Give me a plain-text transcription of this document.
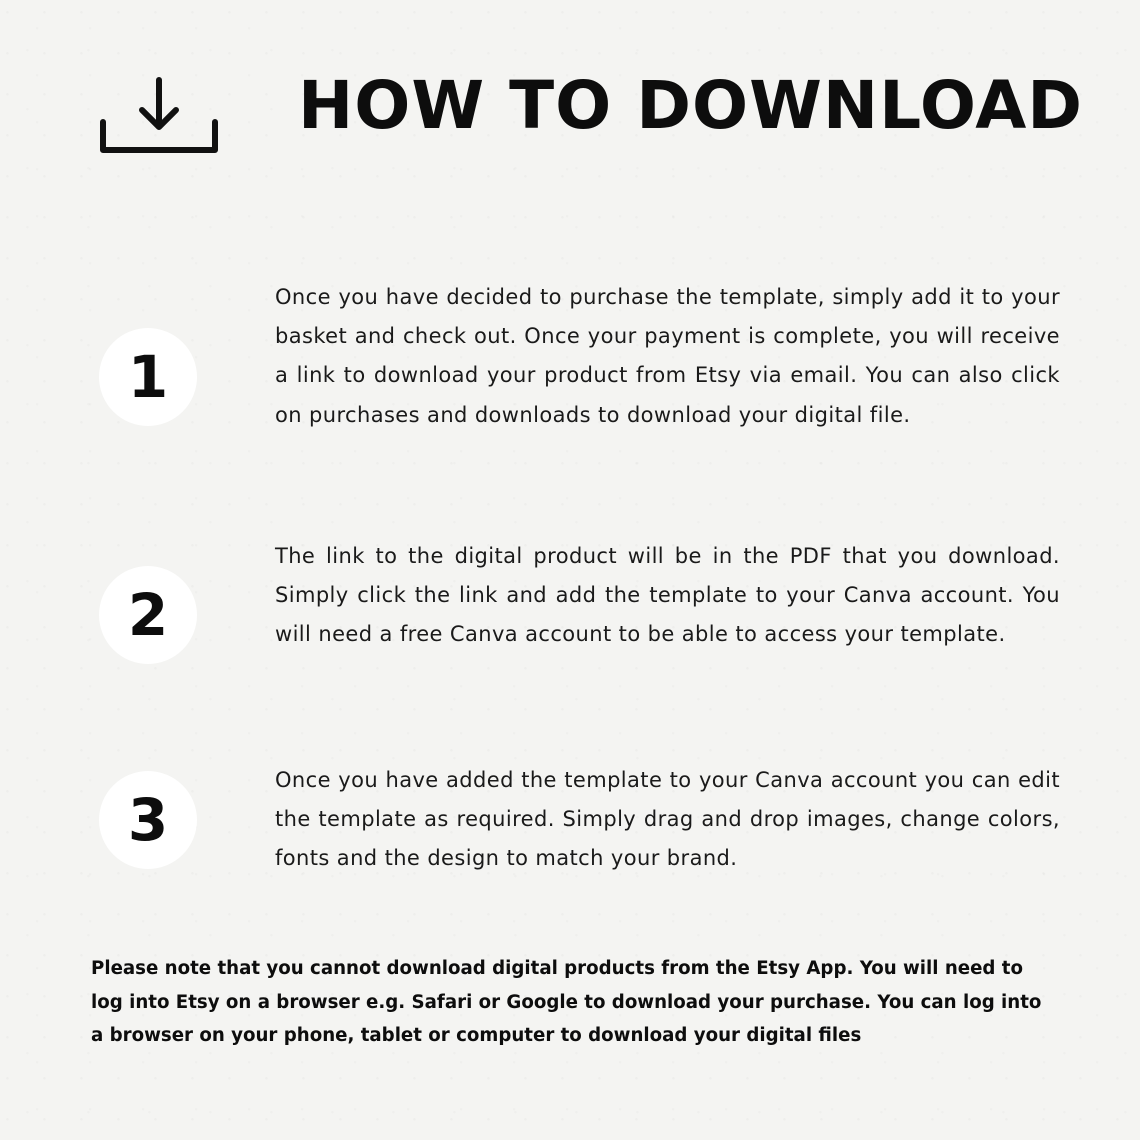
HOW TO DOWNLOAD
1

Once you have decided to purchase the template, simply add it to your basket and check out. Once your payment is complete, you will receive a link to download your product from Etsy via email. You can also click on purchases and downloads to download your digital file.

2

The link to the digital product will be in the PDF that you download. Simply click the link and add the template to your Canva account. You will need a free Canva account to be able to access your template.

3

Once you have added the template to your Canva account you can edit the template as required. Simply drag and drop images, change colors, fonts and the design to match your brand.

Please note that you cannot download digital products from the Etsy App. You will need to log into Etsy on a browser e.g. Safari or Google to download your purchase. You can log into a browser on your phone, tablet or computer to download your digital files
